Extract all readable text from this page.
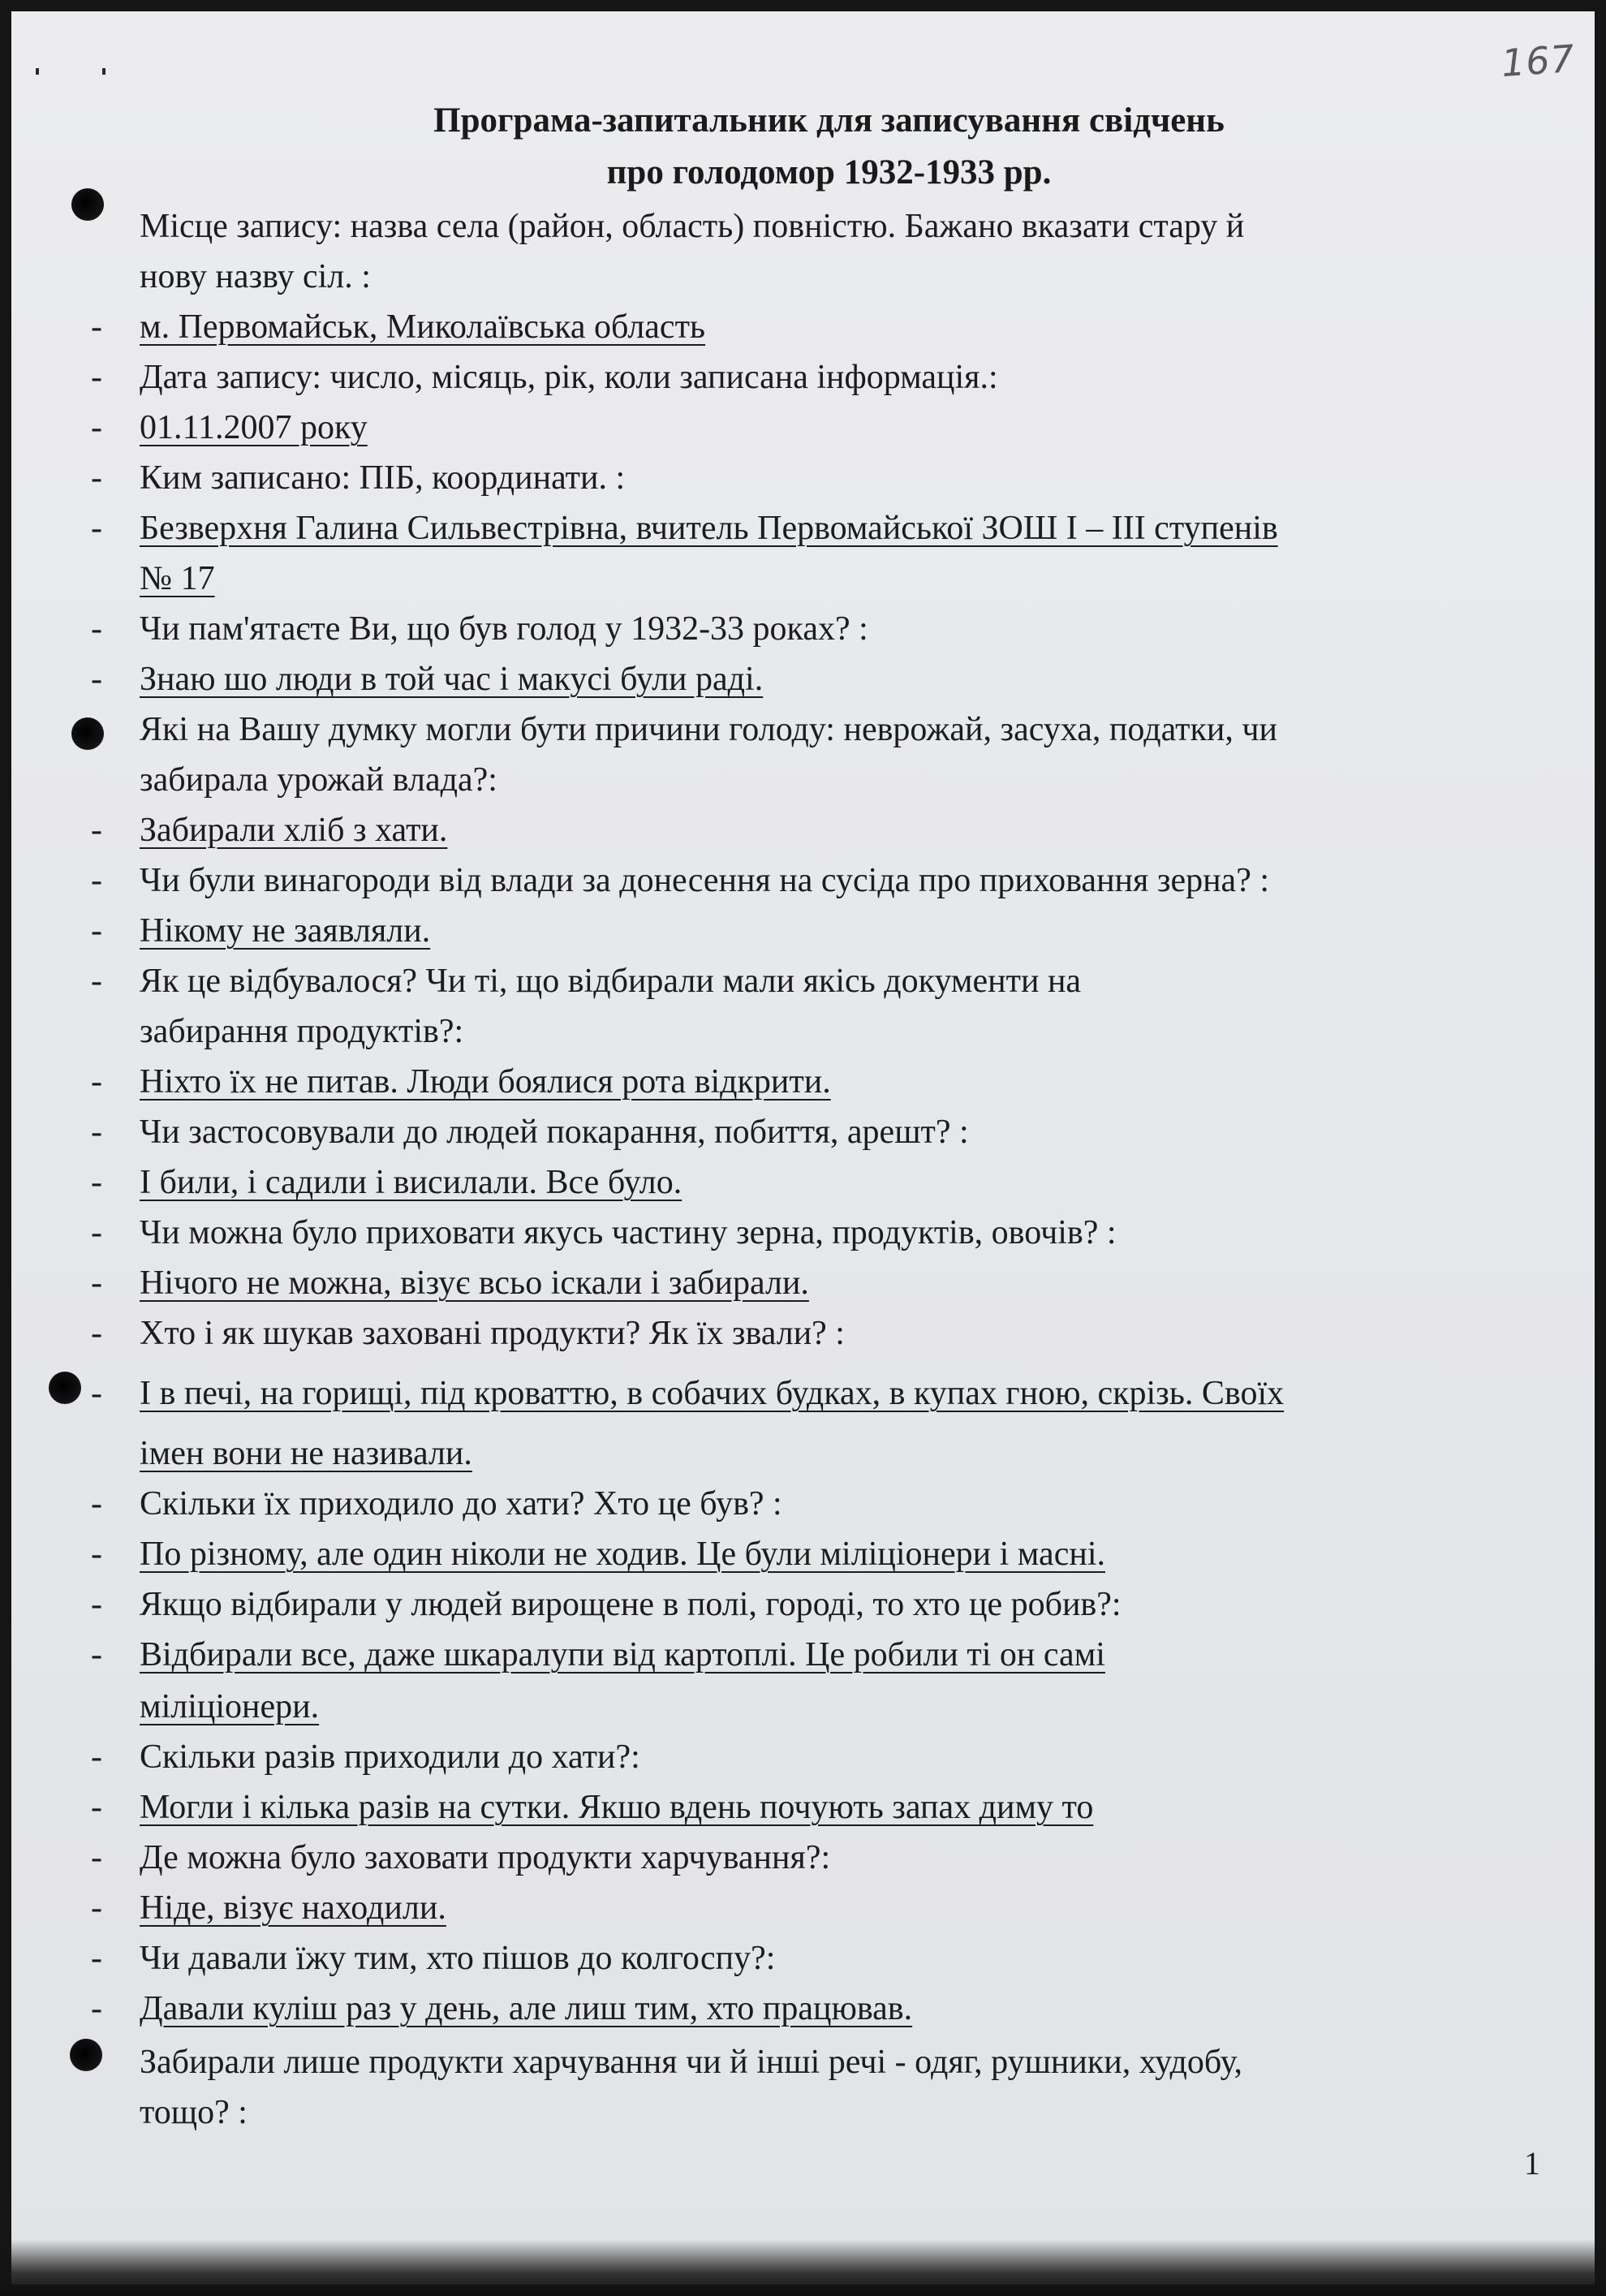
167
Програма-запитальник для записування свідчень
про голодомор 1932-1933 рр.
Місце запису: назва села (район, область) повністю. Бажано вказати стару й
нову назву сіл. :
- м. Первомайськ, Миколаївська область
- Дата запису: число, місяць, рік, коли записана інформація.:
- 01.11.2007 року
- Ким записано: ПІБ, координати. :
- Безверхня Галина Сильвестрівна, вчитель Первомайської ЗОШ І – ІІІ ступенів
№ 17
- Чи пам'ятаєте Ви, що був голод у 1932-33 роках? :
- Знаю шо люди в той час і макусі були раді.
Які на Вашу думку могли бути причини голоду: неврожай, засуха, податки, чи
забирала урожай влада?:
- Забирали хліб з хати.
- Чи були винагороди від влади за донесення на сусіда про приховання зерна? :
- Нікому не заявляли.
- Як це відбувалося? Чи ті, що відбирали мали якісь документи на
забирання продуктів?:
- Ніхто їх не питав. Люди боялися рота відкрити.
- Чи застосовували до людей покарання, побиття, арешт? :
- І били, і садили і висилали. Все було.
- Чи можна було приховати якусь частину зерна, продуктів, овочів? :
- Нічого не можна, візує всьо іскали і забирали.
- Хто і як шукав заховані продукти? Як їх звали? :
- І в печі, на горищі, під кроваттю, в собачих будках, в купах гною, скрізь. Своїх
імен вони не називали.
- Скільки їх приходило до хати? Хто це був? :
- По різному, але один ніколи не ходив. Це були міліціонери і масні.
- Якщо відбирали у людей вирощене в полі, городі, то хто це робив?:
- Відбирали все, даже шкаралупи від картоплі. Це робили ті он самі
міліціонери.
- Скільки разів приходили до хати?:
- Могли і кілька разів на сутки. Якшо вдень почують запах диму то
- Де можна було заховати продукти харчування?:
- Ніде, візує находили.
- Чи давали їжу тим, хто пішов до колгоспу?:
- Давали куліш раз у день, але лиш тим, хто працював.
Забирали лише продукти харчування чи й інші речі - одяг, рушники, худобу,
тощо? :
1
